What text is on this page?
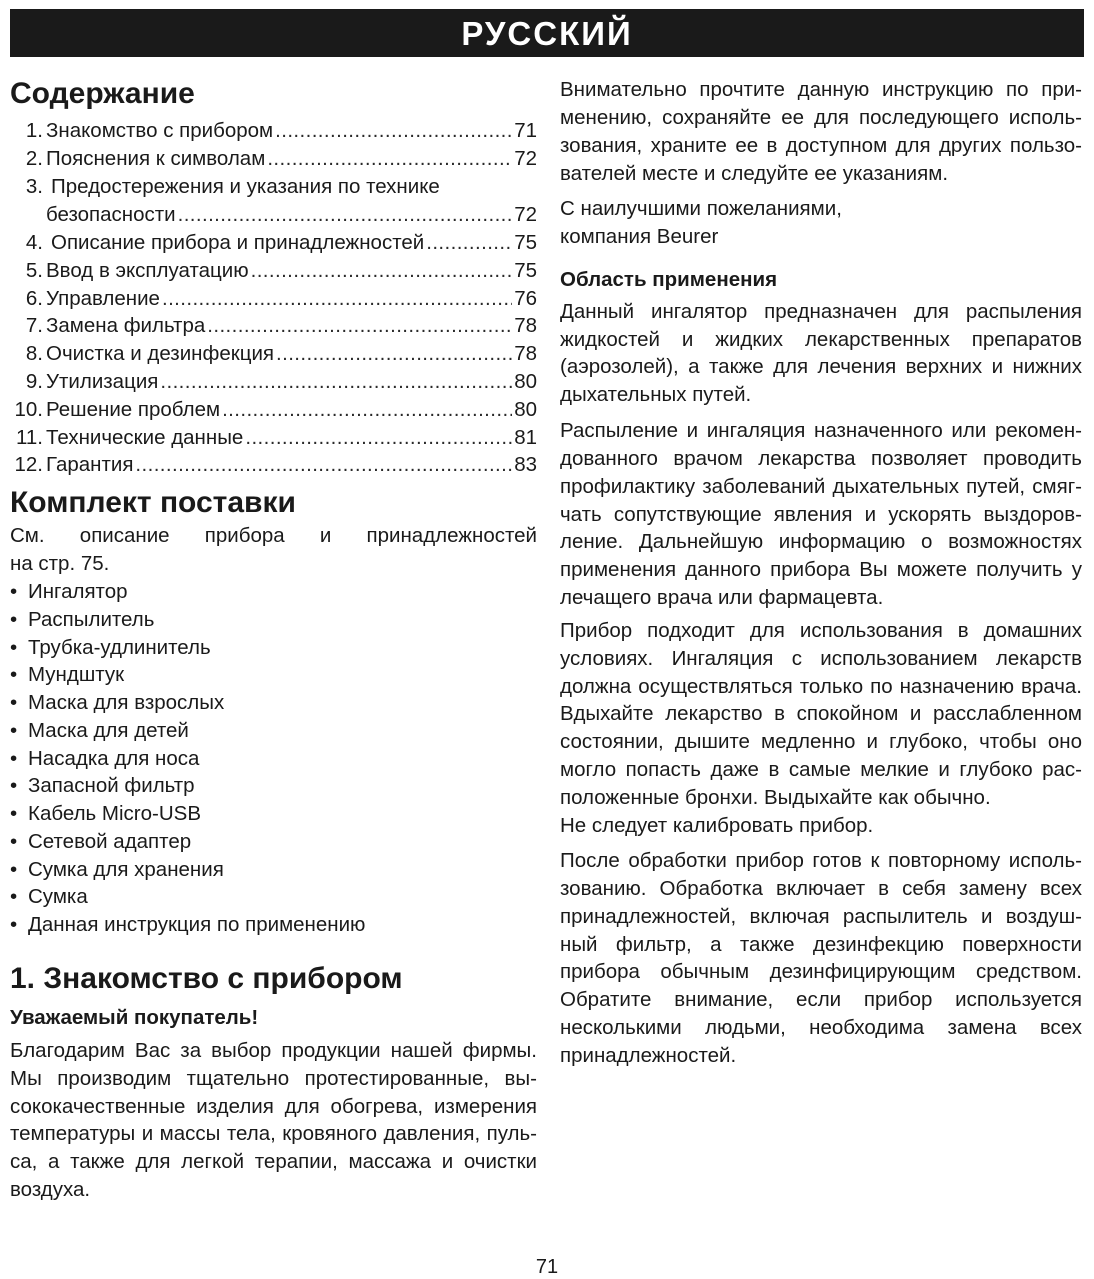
РУССКИЙ
Содержание
1. Знакомство с прибором .....	71
2. Пояснения к символам .....	72
3. Предостережения и указания по технике
безопасности .....	72
4. Описание прибора и принадлежностей .....	75
5. Ввод в эксплуатацию .....	75
6. Управление .....	76
7. Замена фильтра .....	78
8. Очистка и дезинфекция .....	78
9. Утилизация .....	80
10. Решение проблем .....	80
11. Технические данные .....	81
12. Гарантия .....	83
Комплект поставки
См. описание прибора и принадлежностей
на стр. 75.
• Ингалятор
• Распылитель
• Трубка-удлинитель
• Мундштук
• Маска для взрослых
• Маска для детей
• Насадка для носа
• Запасной фильтр
• Кабель Micro-USB
• Сетевой адаптер
• Сумка для хранения
• Сумка
• Данная инструкция по применению
1. Знакомство с прибором
Уважаемый покупатель!
Благодарим Вас за выбор продукции нашей фирмы.
Мы производим тщательно протестированные, вы-
сококачественные изделия для обогрева, измерения
температуры и массы тела, кровяного давления, пуль-
са, а также для легкой терапии, массажа и очистки
воздуха.
Внимательно прочтите данную инструкцию по при-
менению, сохраняйте ее для последующего исполь-
зования, храните ее в доступном для других пользо-
вателей месте и следуйте ее указаниям.
С наилучшими пожеланиями,
компания Beurer
Область применения
Данный ингалятор предназначен для распыления
жидкостей и жидких лекарственных препаратов
(аэрозолей), а также для лечения верхних и нижних
дыхательных путей.
Распыление и ингаляция назначенного или рекомен-
дованного врачом лекарства позволяет проводить
профилактику заболеваний дыхательных путей, смяг-
чать сопутствующие явления и ускорять выздоров-
ление. Дальнейшую информацию о возможностях
применения данного прибора Вы можете получить у
лечащего врача или фармацевта.
Прибор подходит для использования в домашних
условиях. Ингаляция с использованием лекарств
должна осуществляться только по назначению врача.
Вдыхайте лекарство в спокойном и расслабленном
состоянии, дышите медленно и глубоко, чтобы оно
могло попасть даже в самые мелкие и глубоко рас-
положенные бронхи. Выдыхайте как обычно.
Не следует калибровать прибор.
После обработки прибор готов к повторному исполь-
зованию. Обработка включает в себя замену всех
принадлежностей, включая распылитель и воздуш-
ный фильтр, а также дезинфекцию поверхности
прибора обычным дезинфицирующим средством.
Обратите внимание, если прибор используется
несколькими людьми, необходима замена всех
принадлежностей.
71
